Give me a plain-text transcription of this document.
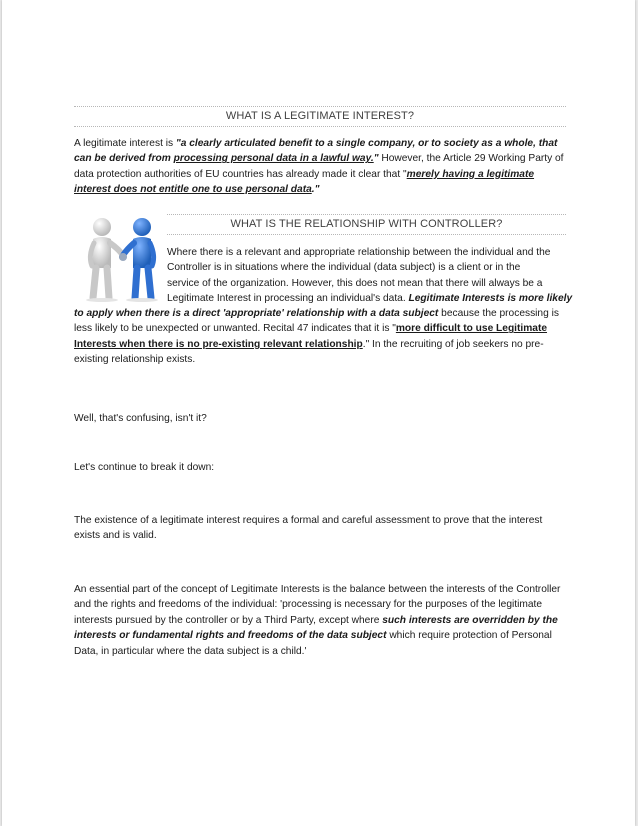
WHAT IS A LEGITIMATE INTEREST?

A legitimate interest is "a clearly articulated benefit to a single company, or to society as a whole, that can be derived from processing personal data in a lawful way." However, the Article 29 Working Party of data protection authorities of EU countries has already made it clear that "merely having a legitimate interest does not entitle one to use personal data."

WHAT IS THE RELATIONSHIP WITH CONTROLLER?
Where there is a relevant and appropriate relationship between the individual and the
Controller is in situations where the individual (data subject) is a client or in the
service of the organization. However, this does not mean that there will always be a
Legitimate Interest in processing an individual's data. Legitimate Interests is more likely

to apply when there is a direct 'appropriate' relationship with a data subject because the processing is less likely to be unexpected or unwanted. Recital 47 indicates that it is "more difficult to use Legitimate Interests when there is no pre-existing relevant relationship." In the recruiting of job seekers no pre-existing relationship exists.

Well, that's confusing, isn't it?
Let's continue to break it down:
The existence of a legitimate interest requires a formal and careful assessment to prove that the interest exists and is valid.

An essential part of the concept of Legitimate Interests is the balance between the interests of the Controller and the rights and freedoms of the individual: 'processing is necessary for the purposes of the legitimate interests pursued by the controller or by a Third Party, except where such interests are overridden by the interests or fundamental rights and freedoms of the data subject which require protection of Personal Data, in particular where the data subject is a child.'
